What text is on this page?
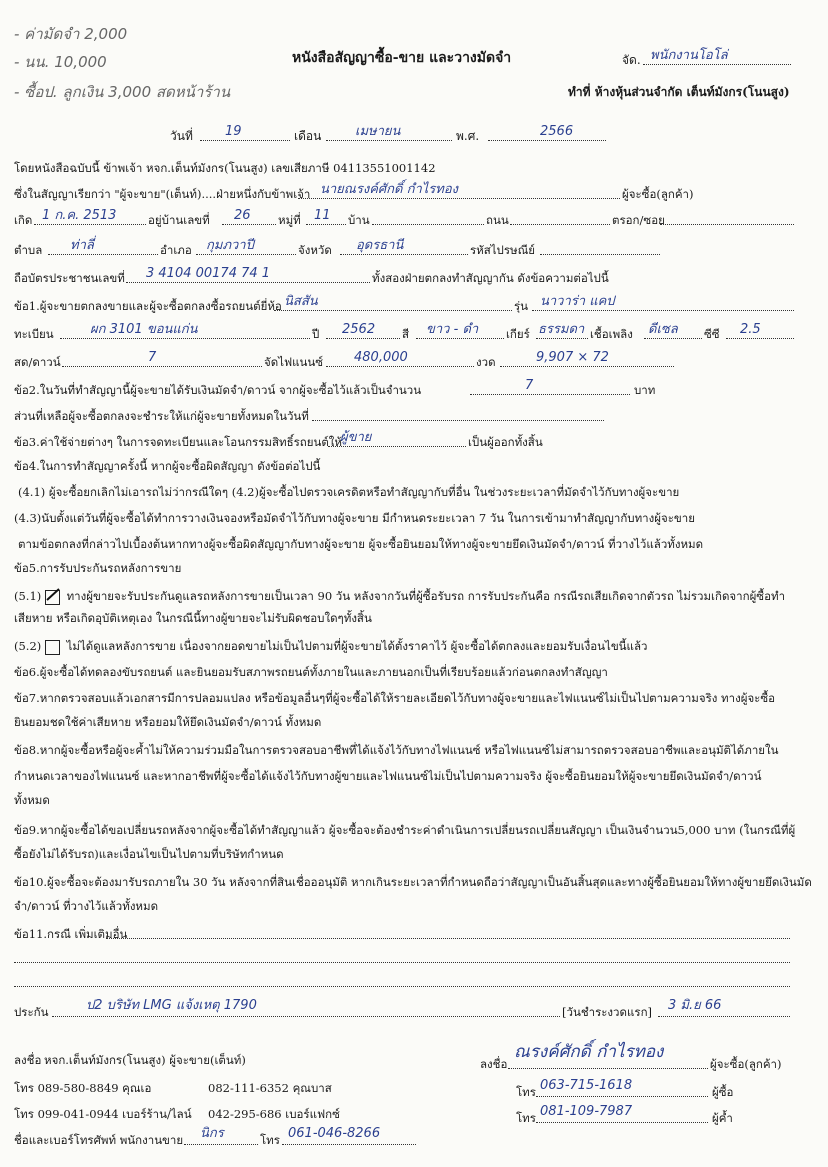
- ค่ามัดจำ 2,000
- นน. 10,000
- ซื้อป. ลูกเงิน 3,000 สดหน้าร้าน
หนังสือสัญญาซื้อ-ขาย และวางมัดจำ	จัด. พนักงานโอโล่
ทำที่ ห้างหุ้นส่วนจำกัด เต็นท์มังกร(โนนสูง)
วันที่ 19	เดือน	เมษายน	พ.ศ.	2566
โดยหนังสือฉบับนี้ ข้าพเจ้า หจก.เต็นท์มังกร(โนนสูง) เลขเสียภาษี 0411355100114​2
ซึ่งในสัญญาเรียกว่า "ผู้จะขาย"(เต็นท์)....ฝ่ายหนึ่งกับข้าพเจ้า นายณรงค์ศักดิ์ กำไรทอง	ผู้จะซื้อ(ลูกค้า)
เกิด 1 ก.ค. 2513	อยู่บ้านเลขที่ 26 หมู่ที่ 11 บ้าน	ถนน	ตรอก/ซอย
ตำบล ท่าลี่	อำเภอ กุมภวาปี	จังหวัด อุดรธานี	รหัสไปรษณีย์
ถือบัตรประชาชนเลขที่ 3 4104 00174 74 1	ทั้งสองฝ่ายตกลงทำสัญญากัน ดังข้อความต่อไปนี้
ข้อ1.ผู้จะขายตกลงขายและผู้จะซื้อตกลงซื้อรถยนต์ยี่ห้อ นิสสัน	รุ่น นาวาร่า แคป
ทะเบียน	ผก 3101 ขอนแก่น	ปี 2562 สี ขาว - ดำ เกียร์ ธรรมดา เชื้อเพลิง ดีเซล ซีซี 2.5
สด/ดาวน์	7	จัดไฟแนนซ์ 480,000	งวด	9,907 × 72
ข้อ2.ในวันที่ทำสัญญานี้ผู้จะขายได้รับเงินมัดจำ/ดาวน์ จากผู้จะซื้อไว้แล้วเป็นจำนวน	7	บาท
ส่วนที่เหลือผู้จะซื้อตกลงจะชำระให้แก่ผู้จะขายทั้งหมดในวันที่
ข้อ3.ค่าใช้จ่ายต่างๆ ในการจดทะเบียนและโอนกรรมสิทธิ์รถยนต์ให้
ผู้ขาย	เป็นผู้ออกทั้งสิ้น
ข้อ4.ในการทำสัญญาครั้งนี้ หากผู้จะซื้อผิดสัญญา ดังข้อต่อไปนี้
(4.1) ผู้จะซื้อยกเลิกไม่เอารถไม่ว่ากรณีใดๆ (4.2)ผู้จะซื้อไปตรวจเครดิตหรือทำสัญญากับที่อื่น ในช่วงระยะเวลาที่มัดจำไว้กับทางผู้จะขาย
(4.3)นับตั้งแต่วันที่ผู้จะซื้อได้ทำการวางเงินจองหรือมัดจำไว้กับทางผู้จะขาย มีกำหนดระยะเวลา 7 วัน ในการเข้ามาทำสัญญากับทางผู้จะขาย
ตามข้อตกลงที่กล่าวไปเบื้องต้นหากทางผู้จะซื้อผิดสัญญากับทางผู้จะขาย ผู้จะซื้อยินยอมให้ทางผู้จะขายยึดเงินมัดจำ/ดาวน์ ที่วางไว้แล้วทั้งหมด
ข้อ5.การรับประกันรถหลังการขาย
(5.1) ทางผู้ขายจะรับประกันดูแลรถหลังการขายเป็นเวลา 90 วัน หลังจากวันที่ผู้ซื้อรับรถ การรับประกันคือ กรณีรถเสียเกิดจากตัวรถ ไม่รวมเกิดจากผู้ซื้อทำ
เสียหาย หรือเกิดอุบัติเหตุเอง ในกรณีนี้ทางผู้ขายจะไม่รับผิดชอบใดๆทั้งสิ้น
(5.2) ไม่ได้ดูแลหลังการขาย เนื่องจากยอดขายไม่เป็นไปตามที่ผู้จะขายได้ตั้งราคาไว้ ผู้จะซื้อได้ตกลงและยอมรับเงื่อนไขนี้แล้ว
ข้อ6.ผู้จะซื้อได้ทดลองขับรถยนต์ และยินยอมรับสภาพรถยนต์ทั้งภายในและภายนอกเป็นที่เรียบร้อยแล้วก่อนตกลงทำสัญญา
ข้อ7.หากตรวจสอบแล้วเอกสารมีการปลอมแปลง หรือข้อมูลอื่นๆที่ผู้จะซื้อได้ให้รายละเอียดไว้กับทางผู้จะขายและไฟแนนซ์ไม่เป็นไปตามความจริง ทางผู้จะซื้อ
ยินยอมชดใช้ค่าเสียหาย หรือยอมให้ยึดเงินมัดจำ/ดาวน์ ทั้งหมด
ข้อ8.หากผู้จะซื้อหรือผู้จะค้ำไม่ให้ความร่วมมือในการตรวจสอบอาชีพที่ได้แจ้งไว้กับทางไฟแนนซ์ หรือไฟแนนซ์ไม่สามารถตรวจสอบอาชีพและอนุมัติได้ภายใน
กำหนดเวลาของไฟแนนซ์ และหากอาชีพที่ผู้จะซื้อได้แจ้งไว้กับทางผู้ขายและไฟแนนซ์ไม่เป็นไปตามความจริง ผู้จะซื้อยินยอมให้ผู้จะขายยึดเงินมัดจำ/ดาวน์
ทั้งหมด
ข้อ9.หากผู้จะซื้อได้ขอเปลี่ยนรถหลังจากผู้จะซื้อได้ทำสัญญาแล้ว ผู้จะซื้อจะต้องชำระค่าดำเนินการเปลี่ยนรถเปลี่ยนสัญญา เป็นเงินจำนวน5,000 บาท (ในกรณีที่ผู้
ซื้อยังไม่ได้รับรถ)และเงื่อนไขเป็นไปตามที่บริษัทกำหนด
ข้อ10.ผู้จะซื้อจะต้องมารับรถภายใน 30 วัน หลังจากที่สินเชื่อออนุมัติ หากเกินระยะเวลาที่กำหนดถือว่าสัญญาเป็นอันสิ้นสุดและทางผู้ซื้อยินยอมให้ทางผู้ขายยึดเงินมัด
จำ/ดาวน์ ที่วางไว้แล้วทั้งหมด
ข้อ11.กรณี เพิ่มเติมอื่น
ประกัน	ป2 บริษัท LMG แจ้งเหตุ 1790	[วันชำระงวดแรก] 3 มิ.ย 66
ลงชื่อ หจก.เต็นท์มังกร(โนนสูง) ผู้จะขาย(เต็นท์)
โทร 089-580-8849 คุณเอ	082-111-6352 คุณบาส
โทร 099-041-0944 เบอร์ร้าน/ไลน์ 042-295-686 เบอร์แฟกซ์
ชื่อและเบอร์โทรศัพท์ พนักงานขาย นิกร	โทร 061-046-8266
ลงชื่อ
ณรงค์ศักดิ์ กำไรทอง
ผู้จะซื้อ(ลูกค้า)
โทร 063-715-1618	ผู้ซื้อ
โทร 081-109-7987	ผู้ค้ำ
